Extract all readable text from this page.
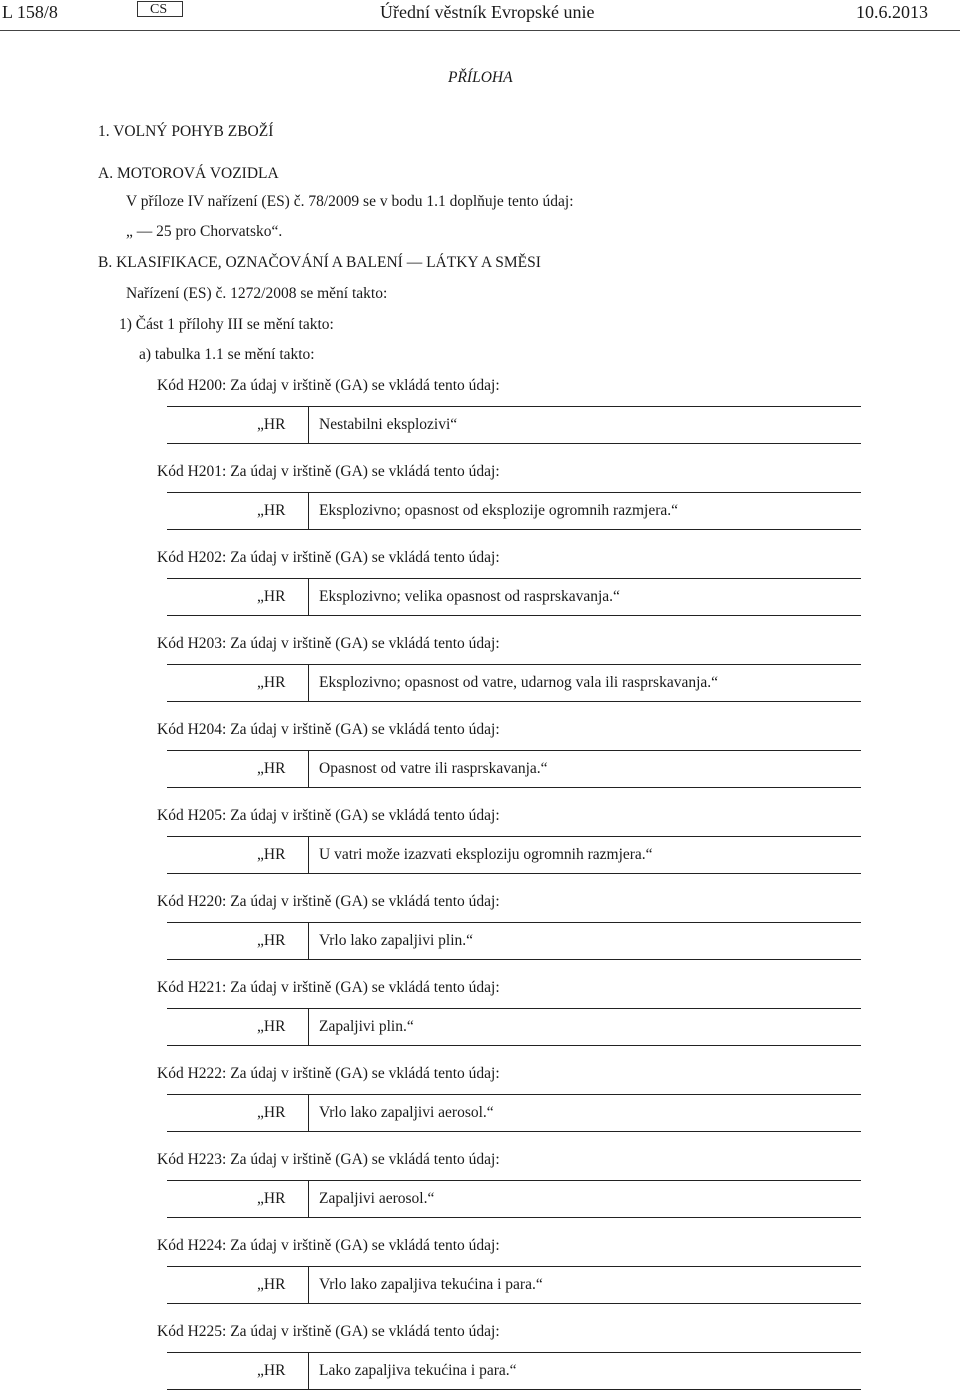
L 158/8	CS	Úřední věstník Evropské unie	10.6.2013
PŘÍLOHA
1. VOLNÝ POHYB ZBOŽÍ
A. MOTOROVÁ VOZIDLA
V příloze IV nařízení (ES) č. 78/2009 se v bodu 1.1 doplňuje tento údaj:
„ — 25 pro Chorvatsko“.
B. KLASIFIKACE, OZNAČOVÁNÍ A BALENÍ — LÁTKY A SMĚSI
Nařízení (ES) č. 1272/2008 se mění takto:
1) Část 1 přílohy III se mění takto:
a) tabulka 1.1 se mění takto:
Kód H200: Za údaj v irštině (GA) se vkládá tento údaj:
„HR Nestabilni eksplozivi“
Kód H201: Za údaj v irštině (GA) se vkládá tento údaj:
„HR Eksplozivno; opasnost od eksplozije ogromnih razmjera.“
Kód H202: Za údaj v irštině (GA) se vkládá tento údaj:
„HR Eksplozivno; velika opasnost od rasprskavanja.“
Kód H203: Za údaj v irštině (GA) se vkládá tento údaj:
„HR Eksplozivno; opasnost od vatre, udarnog vala ili rasprskavanja.“
Kód H204: Za údaj v irštině (GA) se vkládá tento údaj:
„HR Opasnost od vatre ili rasprskavanja.“
Kód H205: Za údaj v irštině (GA) se vkládá tento údaj:
„HR U vatri može izazvati eksploziju ogromnih razmjera.“
Kód H220: Za údaj v irštině (GA) se vkládá tento údaj:
„HR Vrlo lako zapaljivi plin.“
Kód H221: Za údaj v irštině (GA) se vkládá tento údaj:
„HR Zapaljivi plin.“
Kód H222: Za údaj v irštině (GA) se vkládá tento údaj:
„HR Vrlo lako zapaljivi aerosol.“
Kód H223: Za údaj v irštině (GA) se vkládá tento údaj:
„HR Zapaljivi aerosol.“
Kód H224: Za údaj v irštině (GA) se vkládá tento údaj:
„HR Vrlo lako zapaljiva tekućina i para.“
Kód H225: Za údaj v irštině (GA) se vkládá tento údaj:
„HR Lako zapaljiva tekućina i para.“
